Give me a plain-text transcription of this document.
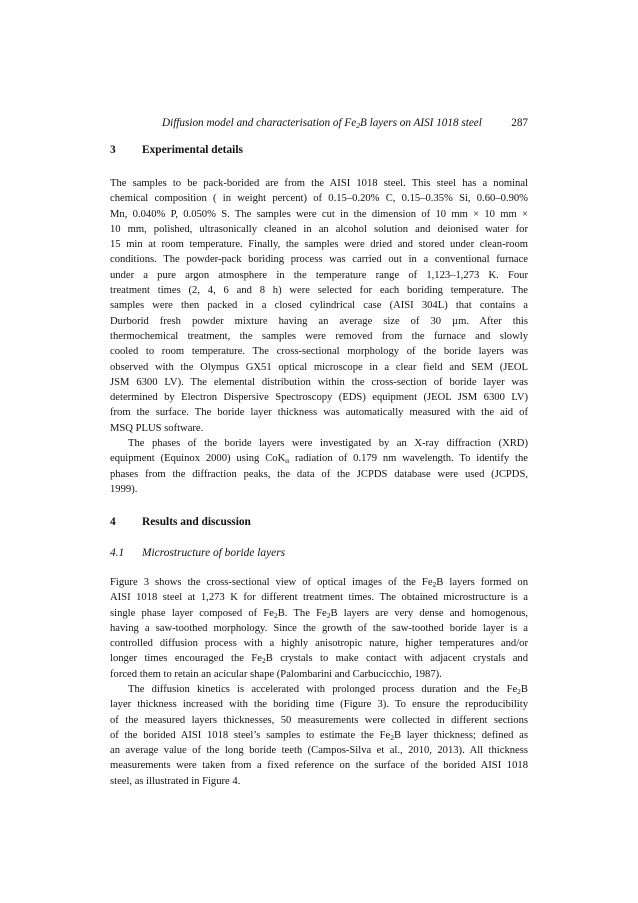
Diffusion model and characterisation of $Fe_2B$ layers on AISI 1018 steel	287
3 Experimental details
The samples to be pack-borided are from the AISI 1018 steel. This steel has a nominal
chemical composition ( in weight percent) of 0.15–0.20% C, 0.15–0.35% Si, 0.60–0.90%
Mn, 0.040% P, 0.050% S. The samples were cut in the dimension of 10 mm × 10 mm ×
10 mm, polished, ultrasonically cleaned in an alcohol solution and deionised water for
15 min at room temperature. Finally, the samples were dried and stored under clean-room
conditions. The powder-pack boriding process was carried out in a conventional furnace
under a pure argon atmosphere in the temperature range of 1,123–1,273 K. Four
treatment times (2, 4, 6 and 8 h) were selected for each boriding temperature. The
samples were then packed in a closed cylindrical case (AISI 304L) that contains a
Durborid fresh powder mixture having an average size of 30 µm. After this
thermochemical treatment, the samples were removed from the furnace and slowly
cooled to room temperature. The cross-sectional morphology of the boride layers was
observed with the Olympus GX51 optical microscope in a clear field and SEM (JEOL
JSM 6300 LV). The elemental distribution within the cross-section of boride layer was
determined by Electron Dispersive Spectroscopy (EDS) equipment (JEOL JSM 6300 LV)
from the surface. The boride layer thickness was automatically measured with the aid of
MSQ PLUS software.
The phases of the boride layers were investigated by an X-ray diffraction (XRD)
equipment (Equinox 2000) using CoK$_\alpha$ radiation of 0.179 nm wavelength. To identify the
phases from the diffraction peaks, the data of the JCPDS database were used (JCPDS,
1999).
4 Results and discussion
4.1 Microstructure of boride layers
Figure 3 shows the cross-sectional view of optical images of the $Fe_2B$ layers formed on
AISI 1018 steel at 1,273 K for different treatment times. The obtained microstructure is a
single phase layer composed of $Fe_2B$. The $Fe_2B$ layers are very dense and homogenous,
having a saw-toothed morphology. Since the growth of the saw-toothed boride layer is a
controlled diffusion process with a highly anisotropic nature, higher temperatures and/or
longer times encouraged the $Fe_2B$ crystals to make contact with adjacent crystals and
forced them to retain an acicular shape (Palombarini and Carbucicchio, 1987).
The diffusion kinetics is accelerated with prolonged process duration and the $Fe_2B$
layer thickness increased with the boriding time (Figure 3). To ensure the reproducibility
of the measured layers thicknesses, 50 measurements were collected in different sections
of the borided AISI 1018 steel’s samples to estimate the $Fe_2B$ layer thickness; defined as
an average value of the long boride teeth (Campos-Silva et al., 2010, 2013). All thickness
measurements were taken from a fixed reference on the surface of the borided AISI 1018
steel, as illustrated in Figure 4.
